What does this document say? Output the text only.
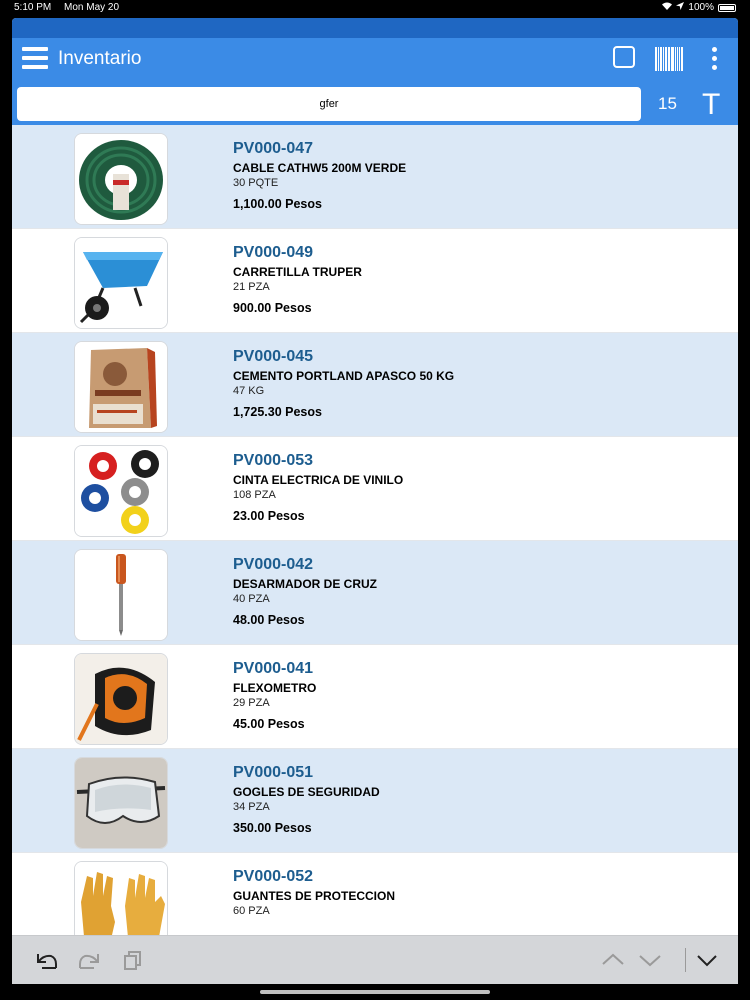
5:10 PM Mon May 20	100%
Inventario
gfer
15 T
PV000-047
CABLE CATHW5 200M VERDE
30 PQTE
1,100.00 Pesos
PV000-049
CARRETILLA TRUPER
21 PZA
900.00 Pesos
PV000-045
CEMENTO PORTLAND APASCO 50 KG
47 KG
1,725.30 Pesos
PV000-053
CINTA ELECTRICA DE VINILO
108 PZA
23.00 Pesos
PV000-042
DESARMADOR DE CRUZ
40 PZA
48.00 Pesos
PV000-041
FLEXOMETRO
29 PZA
45.00 Pesos
PV000-051
GOGLES DE SEGURIDAD
34 PZA
350.00 Pesos
PV000-052
GUANTES DE PROTECCION
60 PZA
